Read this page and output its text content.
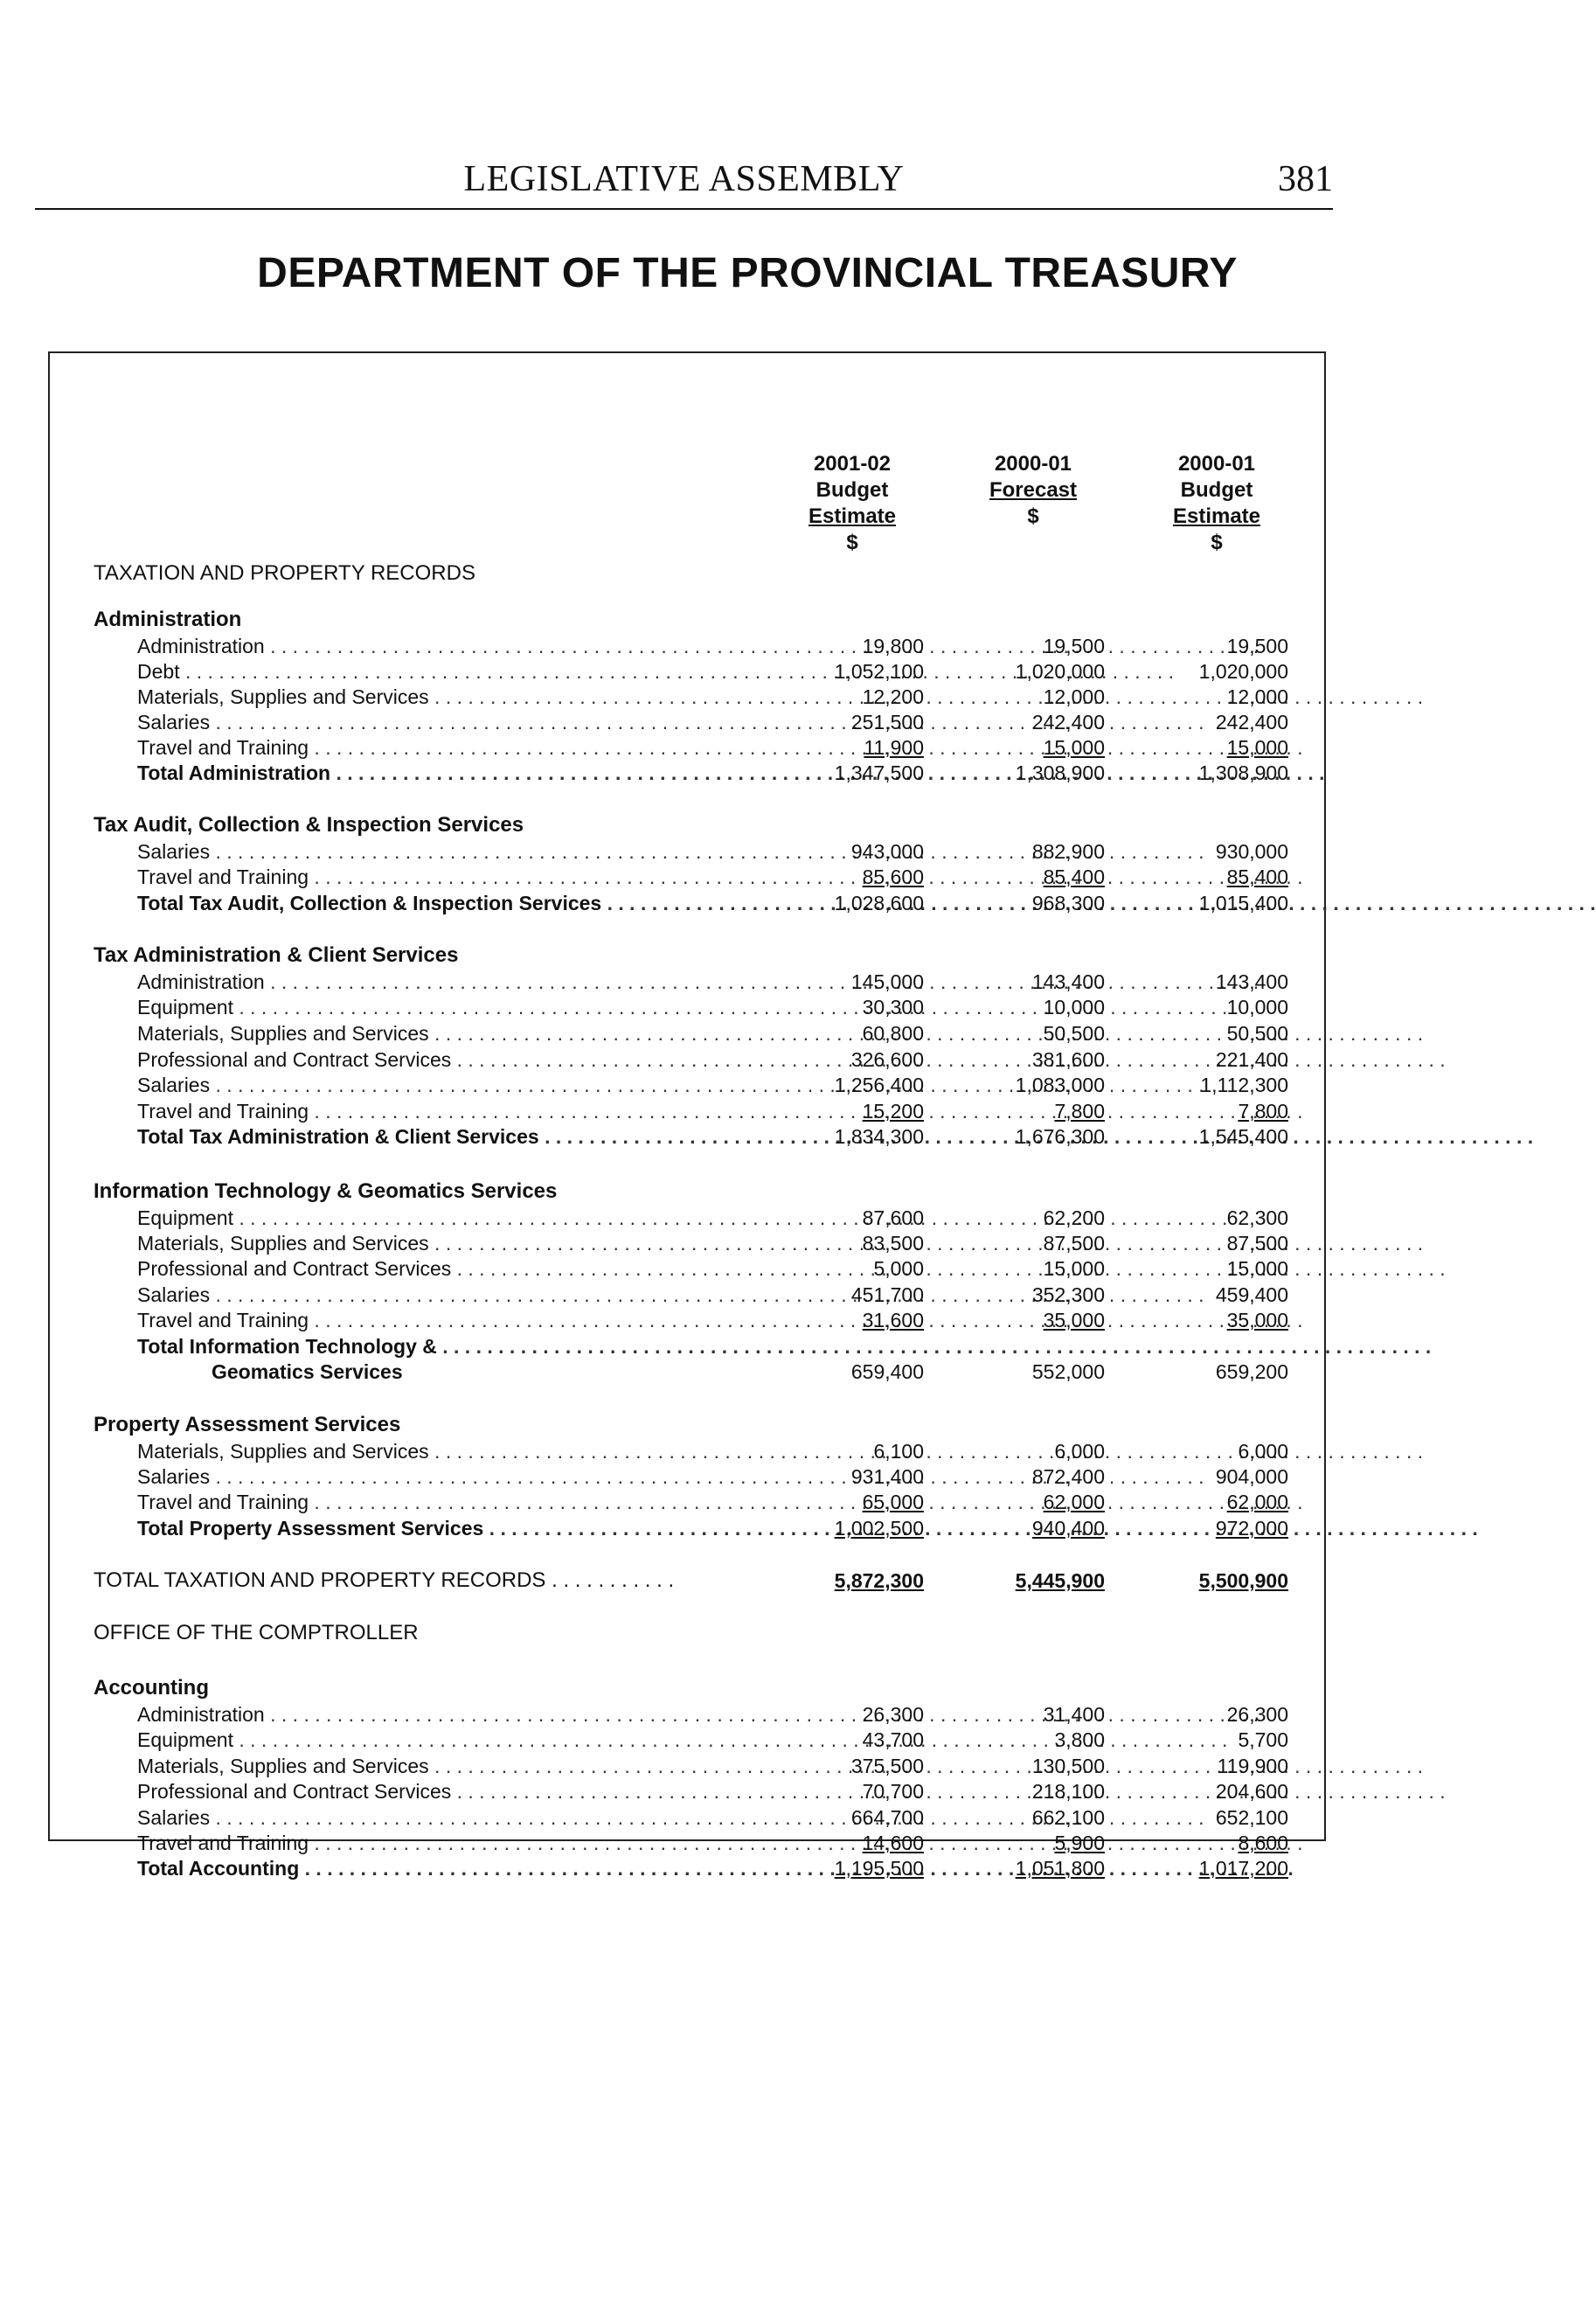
LEGISLATIVE ASSEMBLY	381
DEPARTMENT OF THE PROVINCIAL TREASURY
2001-02
Budget
Estimate
$
2000-01
Forecast
$
2000-01
Budget
Estimate
$
TAXATION AND PROPERTY RECORDS
Administration
Administration . . .	19,800	19,500	19,500
Debt . . .	1,052,100	1,020,000	1,020,000
Materials, Supplies and Services . . .	12,200	12,000	12,000
Salaries . . .	251,500	242,400	242,400
Travel and Training . . .	11,900	15,000	15,000
Total Administration . . .	1,347,500	1,308,900	1,308,900
Tax Audit, Collection & Inspection Services
Salaries . . .	943,000	882,900	930,000
Travel and Training . . .	85,600	85,400	85,400
Total Tax Audit, Collection & Inspection Services . . .	1,028,600	968,300	1,015,400
Tax Administration & Client Services
Administration . . .	145,000	143,400	143,400
Equipment . . .	30,300	10,000	10,000
Materials, Supplies and Services . . .	60,800	50,500	50,500
Professional and Contract Services . . .	326,600	381,600	221,400
Salaries . . .	1,256,400	1,083,000	1,112,300
Travel and Training . . .	15,200	7,800	7,800
Total Tax Administration & Client Services . . .	1,834,300	1,676,300	1,545,400
Information Technology & Geomatics Services
Equipment . . .	87,600	62,200	62,300
Materials, Supplies and Services . . .	83,500	87,500	87,500
Professional and Contract Services . . .	5,000	15,000	15,000
Salaries . . .	451,700	352,300	459,400
Travel and Training . . .	31,600	35,000	35,000
Total Information Technology & . . .
Geomatics Services	659,400	552,000	659,200
Property Assessment Services
Materials, Supplies and Services . . .	6,100	6,000	6,000
Salaries . . .	931,400	872,400	904,000
Travel and Training . . .	65,000	62,000	62,000
Total Property Assessment Services . . .	1,002,500	940,400	972,000
TOTAL TAXATION AND PROPERTY RECORDS . . . . . . . . . . .	5,872,300	5,445,900	5,500,900
OFFICE OF THE COMPTROLLER
Accounting
Administration . . .	26,300	31,400	26,300
Equipment . . .	43,700	3,800	5,700
Materials, Supplies and Services . . .	375,500	130,500	119,900
Professional and Contract Services . . .	70,700	218,100	204,600
Salaries . . .	664,700	662,100	652,100
Travel and Training . . .	14,600	5,900	8,600
Total Accounting . . .	1,195,500	1,051,800	1,017,200
